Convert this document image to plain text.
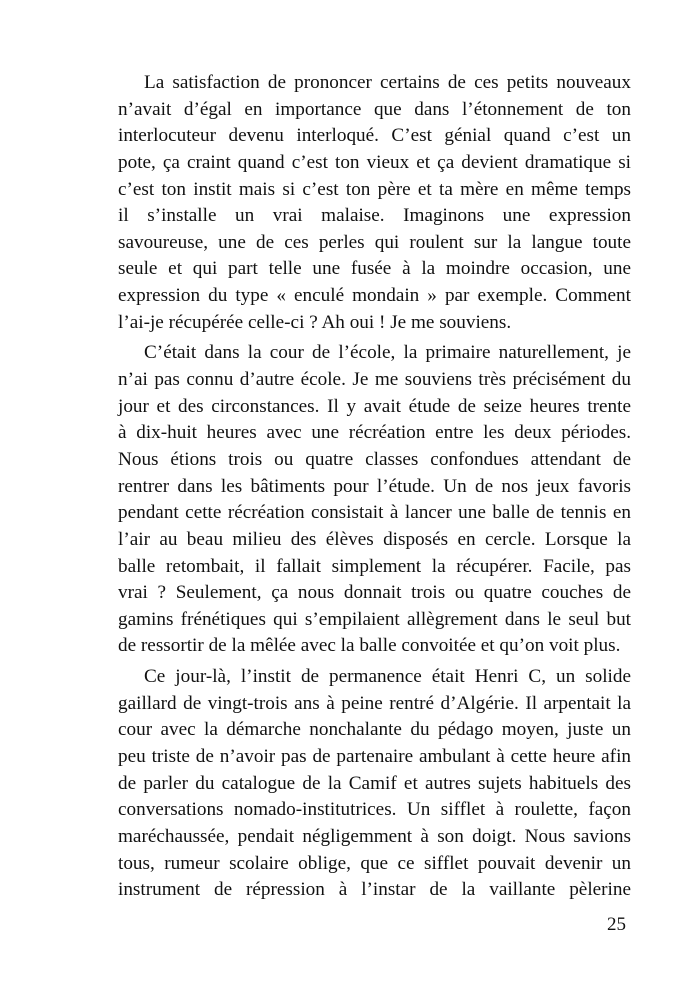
La satisfaction de prononcer certains de ces petits nouveaux
n’avait d’égal en importance que dans l’étonnement de ton
interlocuteur devenu interloqué. C’est génial quand c’est un
pote, ça craint quand c’est ton vieux et ça devient dramatique si
c’est ton instit mais si c’est ton père et ta mère en même temps
il s’installe un vrai malaise. Imaginons une expression
savoureuse, une de ces perles qui roulent sur la langue toute
seule et qui part telle une fusée à la moindre occasion, une
expression du type « enculé mondain » par exemple. Comment
l’ai-je récupérée celle-ci ? Ah oui ! Je me souviens.
C’était dans la cour de l’école, la primaire naturellement, je
n’ai pas connu d’autre école. Je me souviens très précisément du
jour et des circonstances. Il y avait étude de seize heures trente
à dix-huit heures avec une récréation entre les deux périodes.
Nous étions trois ou quatre classes confondues attendant de
rentrer dans les bâtiments pour l’étude. Un de nos jeux favoris
pendant cette récréation consistait à lancer une balle de tennis en
l’air au beau milieu des élèves disposés en cercle. Lorsque la
balle retombait, il fallait simplement la récupérer. Facile, pas
vrai ? Seulement, ça nous donnait trois ou quatre couches de
gamins frénétiques qui s’empilaient allègrement dans le seul but
de ressortir de la mêlée avec la balle convoitée et qu’on voit plus.
Ce jour-là, l’instit de permanence était Henri C, un solide
gaillard de vingt-trois ans à peine rentré d’Algérie. Il arpentait la
cour avec la démarche nonchalante du pédago moyen, juste un
peu triste de n’avoir pas de partenaire ambulant à cette heure afin
de parler du catalogue de la Camif et autres sujets habituels des
conversations nomado-institutrices. Un sifflet à roulette, façon
maréchaussée, pendait négligemment à son doigt. Nous savions
tous, rumeur scolaire oblige, que ce sifflet pouvait devenir un
instrument de répression à l’instar de la vaillante pèlerine
25
